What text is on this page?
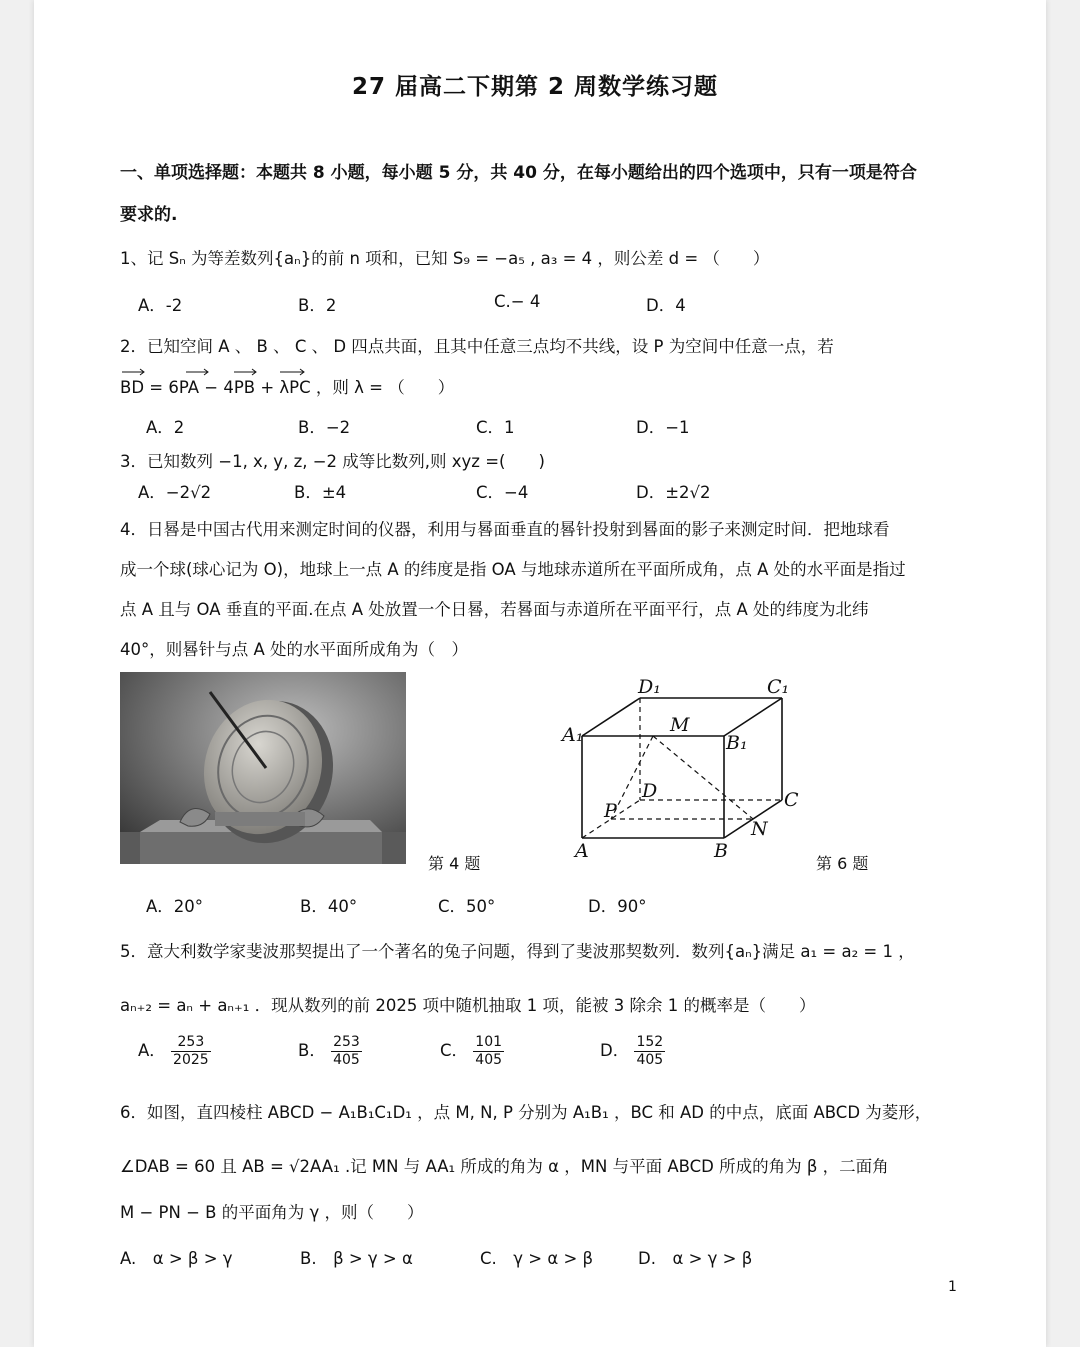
27 届高二下期第 2 周数学练习题
一、单项选择题：本题共 8 小题，每小题 5 分，共 40 分，在每小题给出的四个选项中，只有一项是符合
要求的.
1、记 Sₙ 为等差数列{aₙ}的前 n 项和，已知 S₉ = −a₅ , a₃ = 4 ，则公差 d = （　　）
A．-2	B．2	C.− 4	D．4
2．已知空间 A 、 B 、 C 、 D 四点共面，且其中任意三点均不共线，设 P 为空间中任意一点，若
BD = 6PA − 4PB + λPC ，则 λ = （　　）
A．2	B．−2	C．1	D．−1
3．已知数列 −1, x, y, z, −2 成等比数列,则 xyz =(　　)
A．−2√2	B．±4	C．−4	D．±2√2
4．日晷是中国古代用来测定时间的仪器，利用与晷面垂直的晷针投射到晷面的影子来测定时间．把地球看
成一个球(球心记为 O)，地球上一点 A 的纬度是指 OA 与地球赤道所在平面所成角，点 A 处的水平面是指过
点 A 且与 OA 垂直的平面.在点 A 处放置一个日晷，若晷面与赤道所在平面平行，点 A 处的纬度为北纬
40°，则晷针与点 A 处的水平面所成角为（　）
第 4 题
D₁	C₁
A₁	B₁
M
D	C
P
N
A	B
第 6 题
A．20°	B．40°	C．50°	D．90°
5．意大利数学家斐波那契提出了一个著名的兔子问题，得到了斐波那契数列．数列{aₙ}满足 a₁ = a₂ = 1 ，
aₙ₊₂ = aₙ + aₙ₊₁ ．现从数列的前 2025 项中随机抽取 1 项，能被 3 除余 1 的概率是（　　）
A． $\frac{253}{2025}$	B． $\frac{253}{405}$	C． $\frac{101}{405}$	D． $\frac{152}{405}$
6．如图，直四棱柱 ABCD − A₁B₁C₁D₁ ，点 M, N, P 分别为 A₁B₁ ，BC 和 AD 的中点，底面 ABCD 为菱形，
∠DAB = 60 且 AB = √2AA₁ .记 MN 与 AA₁ 所成的角为 α ，MN 与平面 ABCD 所成的角为 β ，二面角
M − PN − B 的平面角为 γ ，则（　　）
A.　α > β > γ	B.　β > γ > α	C.　γ > α > β	D.　α > γ > β
1
